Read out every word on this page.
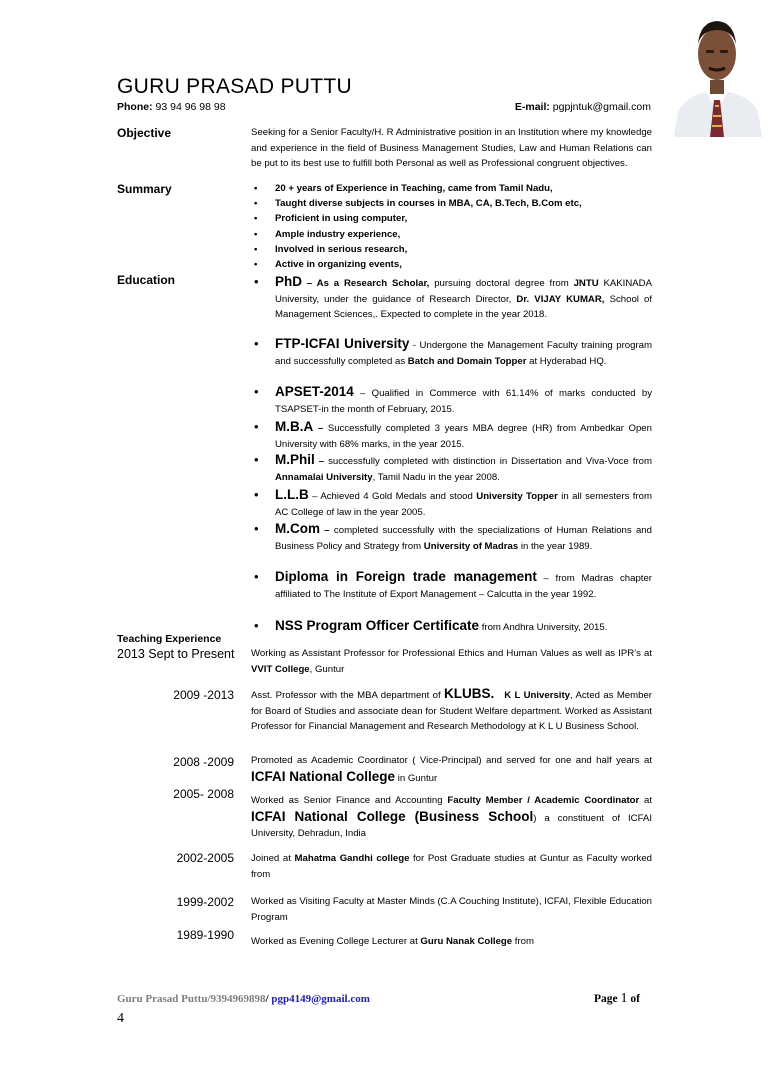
GURU PRASAD PUTTU
Phone: 93 94 96 98 98	E-mail: pgpjntuk@gmail.com
Objective	Seeking for a Senior Faculty/H. R Administrative position in an Institution where my knowledge and experience in the field of Business Management Studies, Law and Human Relations can be put to its best use to fulfill both Personal as well as Professional congruent objectives.
Summary
•	20 + years of Experience in Teaching, came from Tamil Nadu,
• Taught diverse subjects in courses in MBA, CA, B.Tech, B.Com etc,
• Proficient in using computer,
• Ample industry experience,
• Involved in serious research,
• Active in organizing events,
Education	• PhD – As a Research Scholar, pursuing doctoral degree from JNTU KAKINADA University, under the guidance of Research Director, Dr. VIJAY KUMAR, School of Management Sciences,. Expected to complete in the year 2018.
• FTP-ICFAI University - Undergone the Management Faculty training program and successfully completed as Batch and Domain Topper at Hyderabad HQ.
• APSET-2014 – Qualified in Commerce with 61.14% of marks conducted by TSAPSET-in the month of February, 2015.
• M.B.A – Successfully completed 3 years MBA degree (HR) from Ambedkar Open University with 68% marks, in the year 2015.
• M.Phil – successfully completed with distinction in Dissertation and Viva-Voce from Annamalai University, Tamil Nadu in the year 2008.
• L.L.B – Achieved 4 Gold Medals and stood University Topper in all semesters from AC College of law in the year 2005.
• M.Com – completed successfully with the specializations of Human Relations and Business Policy and Strategy from University of Madras in the year 1989.
• Diploma in Foreign trade management – from Madras chapter affiliated to The Institute of Export Management – Calcutta in the year 1992.
• NSS Program Officer Certificate from Andhra University, 2015.
Teaching Experience
2013 Sept to Present Working as Assistant Professor for Professional Ethics and Human Values as well as IPR’s at VVIT College, Guntur
2009 -2013 Asst. Professor with the MBA department of KLUBS. K L University, Acted as Member for Board of Studies and associate dean for Student Welfare department. Worked as Assistant Professor for Financial Management and Research Methodology at K L U Business School.
2008 -2009 Promoted as Academic Coordinator ( Vice-Principal) and served for one and half years at ICFAI National College in Guntur
2005- 2008 Worked as Senior Finance and Accounting Faculty Member / Academic Coordinator at ICFAI National College (Business School) a constituent of ICFAI University, Dehradun, India
2002-2005 Joined at Mahatma Gandhi college for Post Graduate studies at Guntur as Faculty worked from
1999-2002 Worked as Visiting Faculty at Master Minds (C.A Couching Institute), ICFAI, Flexible Education Program
1989-1990 Worked as Evening College Lecturer at Guru Nanak College from
Guru Prasad Puttu/9394969898/ pgp4149@gmail.com	Page 1 of
4
